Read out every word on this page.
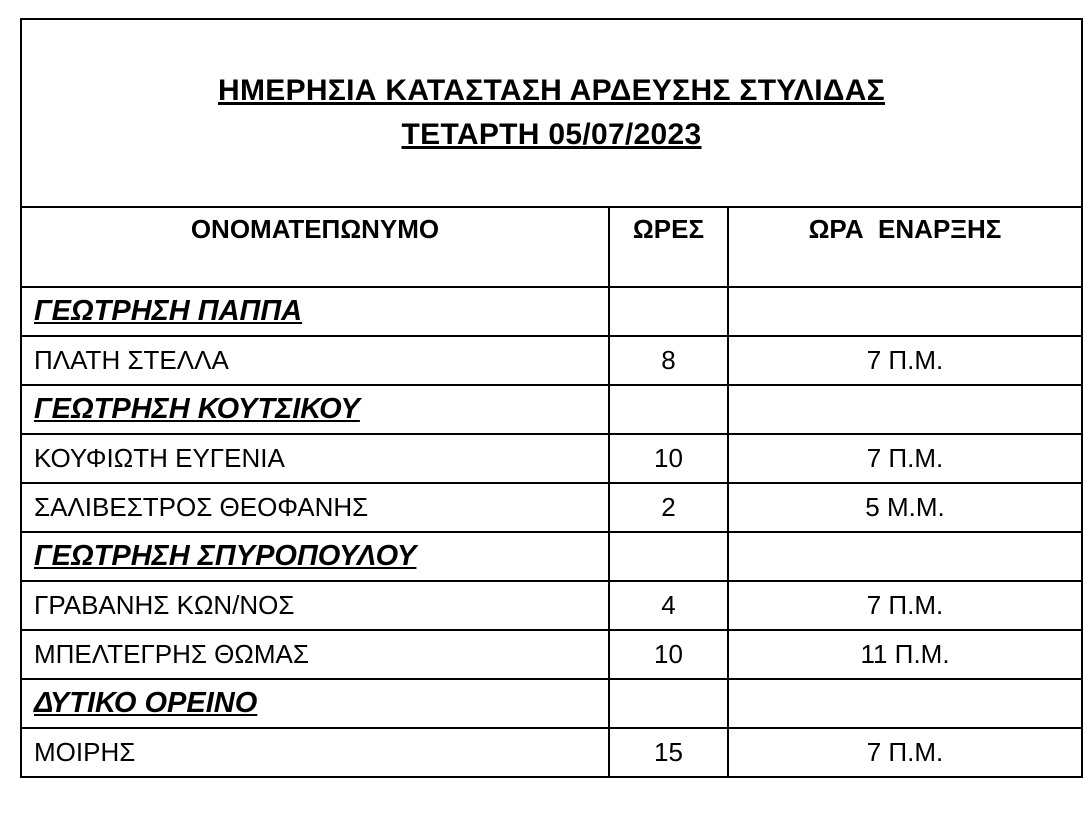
ΗΜΕΡΗΣΙΑ ΚΑΤΑΣΤΑΣΗ ΑΡΔΕΥΣΗΣ ΣΤΥΛΙΔΑΣ
ΤΕΤΑΡΤΗ 05/07/2023		

ΟΝΟΜΑΤΕΠΩΝΥΜΟ	ΩΡΕΣ	ΩΡΑ  ΕΝΑΡΞΗΣ

ΓΕΩΤΡΗΣΗ ΠΑΠΠΑ		
ΠΛΑΤΗ ΣΤΕΛΛΑ	8	7 Π.Μ.
ΓΕΩΤΡΗΣΗ ΚΟΥΤΣΙΚΟΥ		
ΚΟΥΦΙΩΤΗ ΕΥΓΕΝΙΑ	10	7 Π.Μ.
ΣΑΛΙΒΕΣΤΡΟΣ ΘΕΟΦΑΝΗΣ	2	5 Μ.Μ.
ΓΕΩΤΡΗΣΗ ΣΠΥΡΟΠΟΥΛΟΥ		
ΓΡΑΒΑΝΗΣ ΚΩΝ/ΝΟΣ	4	7 Π.Μ.
ΜΠΕΛΤΕΓΡΗΣ ΘΩΜΑΣ	10	11 Π.Μ.
ΔΥΤΙΚΟ ΟΡΕΙΝΟ		
ΜΟΙΡΗΣ	15	7 Π.Μ.
